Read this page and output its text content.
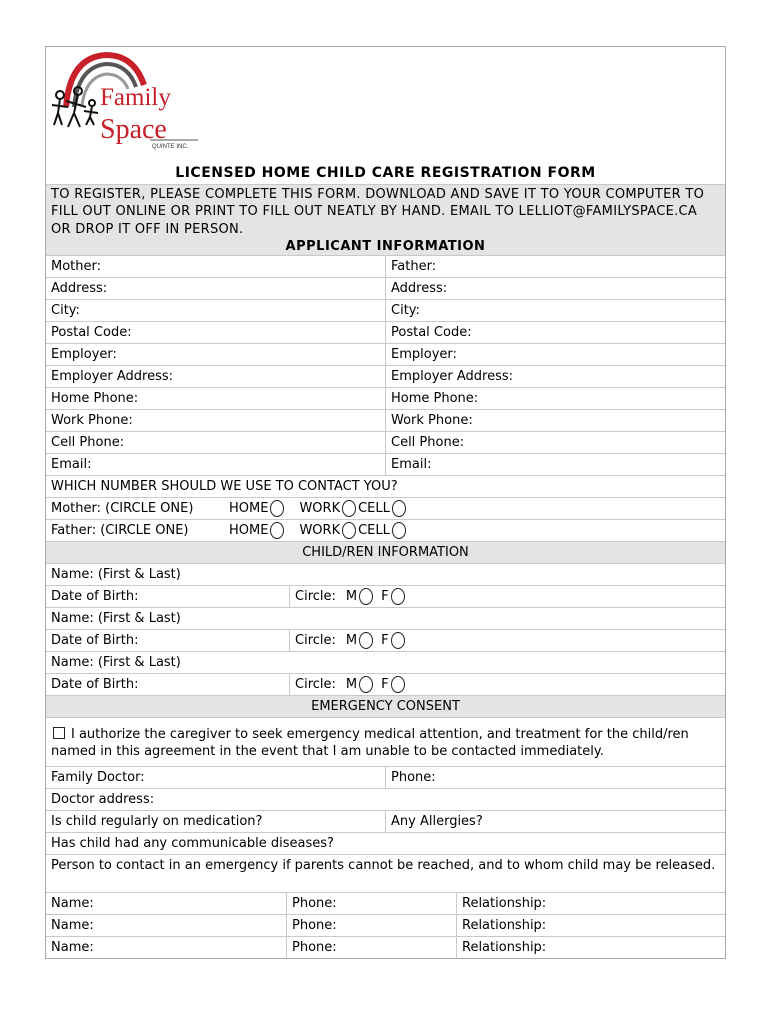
Family
Space
QUINTE INC.
LICENSED HOME CHILD CARE REGISTRATION FORM
TO REGISTER, PLEASE COMPLETE THIS FORM. DOWNLOAD AND SAVE IT TO YOUR COMPUTER TO FILL OUT ONLINE OR PRINT TO FILL OUT NEATLY BY HAND. EMAIL TO LELLIOT@FAMILYSPACE.CA OR DROP IT OFF IN PERSON.
APPLICANT INFORMATION
Mother:	Father:
Address:	Address:
City:	City:
Postal Code:	Postal Code:
Employer:	Employer:
Employer Address:	Employer Address:
Home Phone:	Home Phone:
Work Phone:	Work Phone:
Cell Phone:	Cell Phone:
Email:	Email:
WHICH NUMBER SHOULD WE USE TO CONTACT YOU?
Mother: (CIRCLE ONE)	HOME WORK CELL
Father: (CIRCLE ONE)	HOME WORK CELL
CHILD/REN INFORMATION
Name: (First & Last)
Date of Birth:	Circle: M F
Name: (First & Last)
Date of Birth:	Circle: M F
Name: (First & Last)
Date of Birth:	Circle: M F
EMERGENCY CONSENT
I authorize the caregiver to seek emergency medical attention, and treatment for the child/ren named in this agreement in the event that I am unable to be contacted immediately.
Family Doctor:	Phone:
Doctor address:
Is child regularly on medication?	Any Allergies?
Has child had any communicable diseases?
Person to contact in an emergency if parents cannot be reached, and to whom child may be released.
Name:	Phone:	Relationship:
Name:	Phone:	Relationship:
Name:	Phone:	Relationship:
